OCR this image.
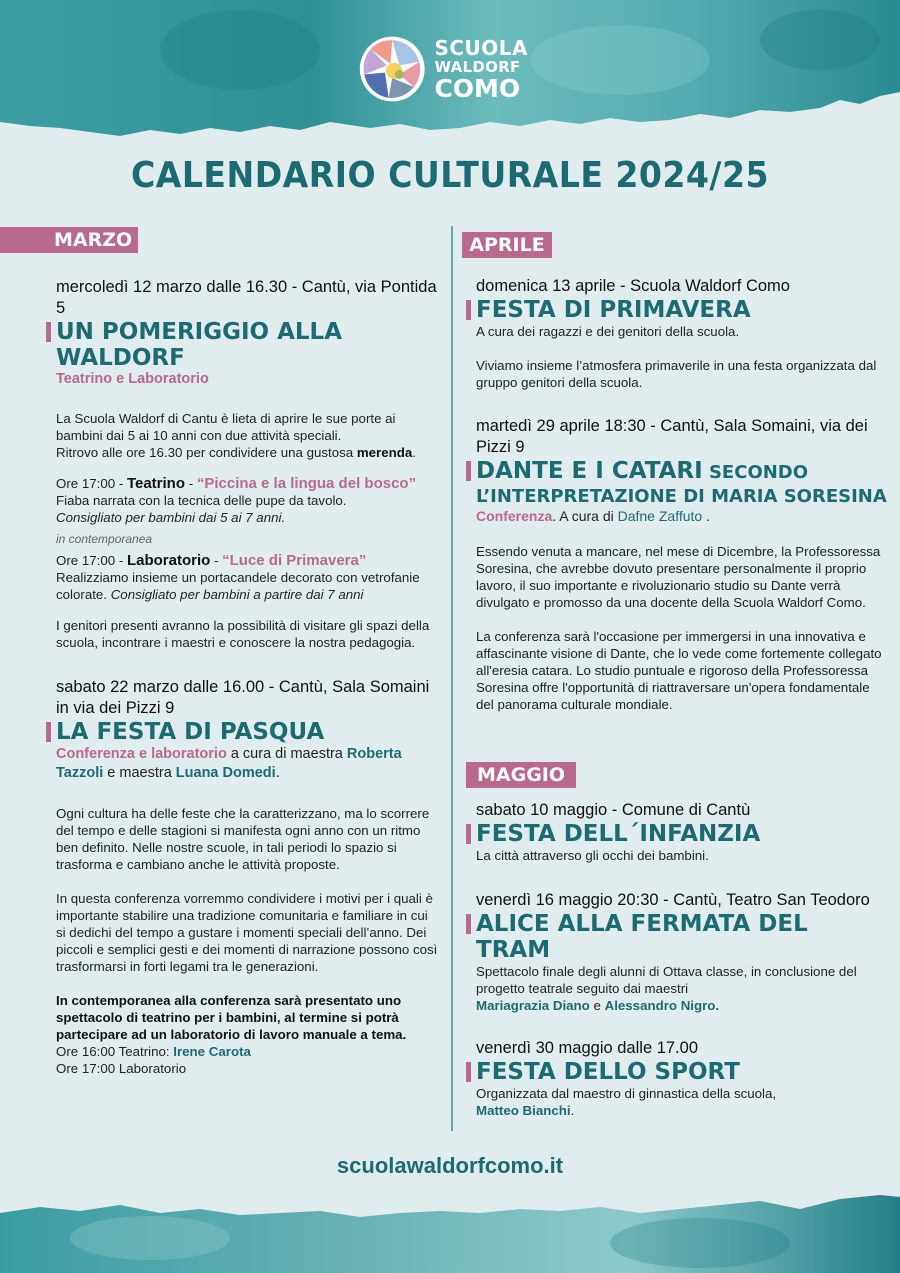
SCUOLA
WALDORF
COMO
CALENDARIO CULTURALE 2024/25
MARZO
mercoledì 12 marzo dalle 16.30 - Cantù, via Pontida 5
UN POMERIGGIO ALLA WALDORF
Teatrino e Laboratorio

La Scuola Waldorf di Cantu è lieta di aprire le sue porte ai bambini dai 5 ai 10 anni con due attività speciali.
Ritrovo alle ore 16.30 per condividere una gustosa merenda.

Ore 17:00 - Teatrino - “Piccina e la lingua del bosco”
Fiaba narrata con la tecnica delle pupe da tavolo.
Consigliato per bambini dai 5 ai 7 anni.

in contemporanea

Ore 17:00 - Laboratorio - “Luce di Primavera”
Realizziamo insieme un portacandele decorato con vetrofanie colorate. Consigliato per bambini a partire dai 7 anni

I genitori presenti avranno la possibilità di visitare gli spazi della scuola, incontrare i maestri e conoscere la nostra pedagogia.

sabato 22 marzo dalle 16.00 - Cantù, Sala Somaini in via dei Pizzi 9
LA FESTA DI PASQUA

Conferenza e laboratorio a cura di maestra Roberta Tazzoli e maestra Luana Domedi.

Ogni cultura ha delle feste che la caratterizzano, ma lo scorrere del tempo e delle stagioni si manifesta ogni anno con un ritmo ben definito. Nelle nostre scuole, in tali periodi lo spazio si trasforma e cambiano anche le attività proposte.

In questa conferenza vorremmo condividere i motivi per i quali è importante stabilire una tradizione comunitaria e familiare in cui si dedichi del tempo a gustare i momenti speciali dell’anno. Dei piccoli e semplici gesti e dei momenti di narrazione possono così trasformarsi in forti legami tra le generazioni.

In contemporanea alla conferenza sarà presentato uno spettacolo di teatrino per i bambini, al termine si potrà partecipare ad un laboratorio di lavoro manuale a tema.

Ore 16:00 Teatrino: Irene Carota
Ore 17:00 Laboratorio

APRILE
domenica 13 aprile - Scuola Waldorf Como
FESTA DI PRIMAVERA

A cura dei ragazzi e dei genitori della scuola.

Viviamo insieme l’atmosfera primaverile in una festa organizzata dal gruppo genitori della scuola.

martedì 29 aprile 18:30 - Cantù, Sala Somaini, via dei Pizzi 9
DANTE E I CATARI SECONDO
L’INTERPRETAZIONE DI MARIA SORESINA

Conferenza. A cura di Dafne Zaffuto .

Essendo venuta a mancare, nel mese di Dicembre, la Professoressa Soresina, che avrebbe dovuto presentare personalmente il proprio lavoro, il suo importante e rivoluzionario studio su Dante verrà divulgato e promosso da una docente della Scuola Waldorf Como.

La conferenza sarà l'occasione per immergersi in una innovativa e affascinante visione di Dante, che lo vede come fortemente collegato all'eresia catara. Lo studio puntuale e rigoroso della Professoressa Soresina offre l'opportunità di riattraversare un'opera fondamentale del panorama culturale mondiale.

MAGGIO
sabato 10 maggio - Comune di Cantù
FESTA DELL´INFANZIA

La città attraverso gli occhi dei bambini.

venerdì 16 maggio 20:30 - Cantù, Teatro San Teodoro
ALICE ALLA FERMATA DEL TRAM

Spettacolo finale degli alunni di Ottava classe, in conclusione del progetto teatrale seguito dai maestri
Mariagrazia Diano e Alessandro Nigro.

venerdì 30 maggio dalle 17.00
FESTA DELLO SPORT

Organizzata dal maestro di ginnastica della scuola,
Matteo Bianchi.

scuolawaldorfcomo.it
